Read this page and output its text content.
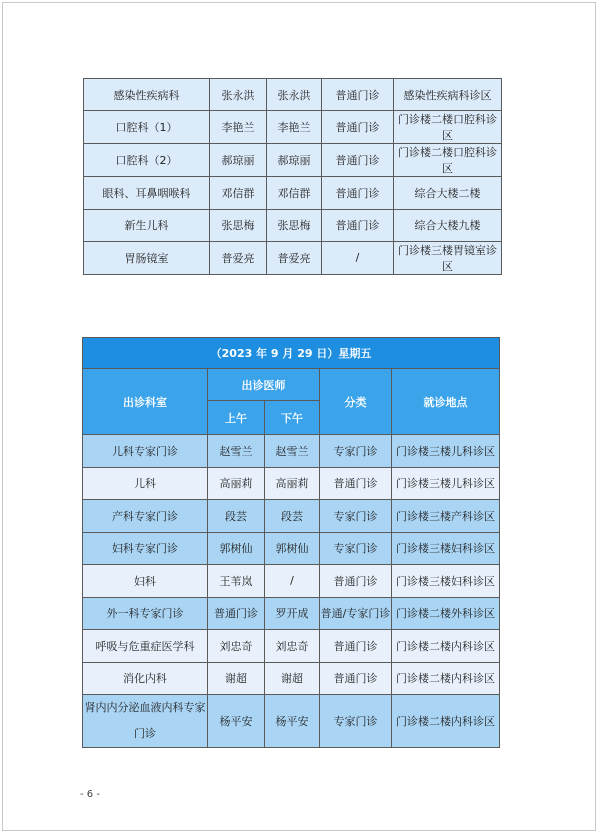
感染性疾病科	张永洪	张永洪	普通门诊	感染性疾病科诊区
口腔科（1）	李艳兰	李艳兰	普通门诊	门诊楼二楼口腔科诊区
口腔科（2）	郝琼丽	郝琼丽	普通门诊	门诊楼二楼口腔科诊区
眼科、耳鼻咽喉科	邓信群	邓信群	普通门诊	综合大楼二楼
新生儿科	张思梅	张思梅	普通门诊	综合大楼九楼
胃肠镜室	普爱亮	普爱亮	/	门诊楼三楼胃镜室诊区
（2023 年 9 月 29 日）星期五				
出诊科室	出诊医师		分类	就诊地点
	上午	下午		
儿科专家门诊	赵雪兰	赵雪兰	专家门诊	门诊楼三楼儿科诊区
儿科	高丽莉	高丽莉	普通门诊	门诊楼三楼儿科诊区
产科专家门诊	段芸	段芸	专家门诊	门诊楼三楼产科诊区
妇科专家门诊	郭树仙	郭树仙	专家门诊	门诊楼三楼妇科诊区
妇科	王苇岚	/	普通门诊	门诊楼三楼妇科诊区
外一科专家门诊	普通门诊	罗开成	普通/专家门诊	门诊楼二楼外科诊区
呼吸与危重症医学科	刘忠奇	刘忠奇	普通门诊	门诊楼二楼内科诊区
消化内科	谢超	谢超	普通门诊	门诊楼二楼内科诊区

肾内内分泌血液内科专家门诊	杨平安	杨平安	专家门诊	门诊楼二楼内科诊区
- 6 -
